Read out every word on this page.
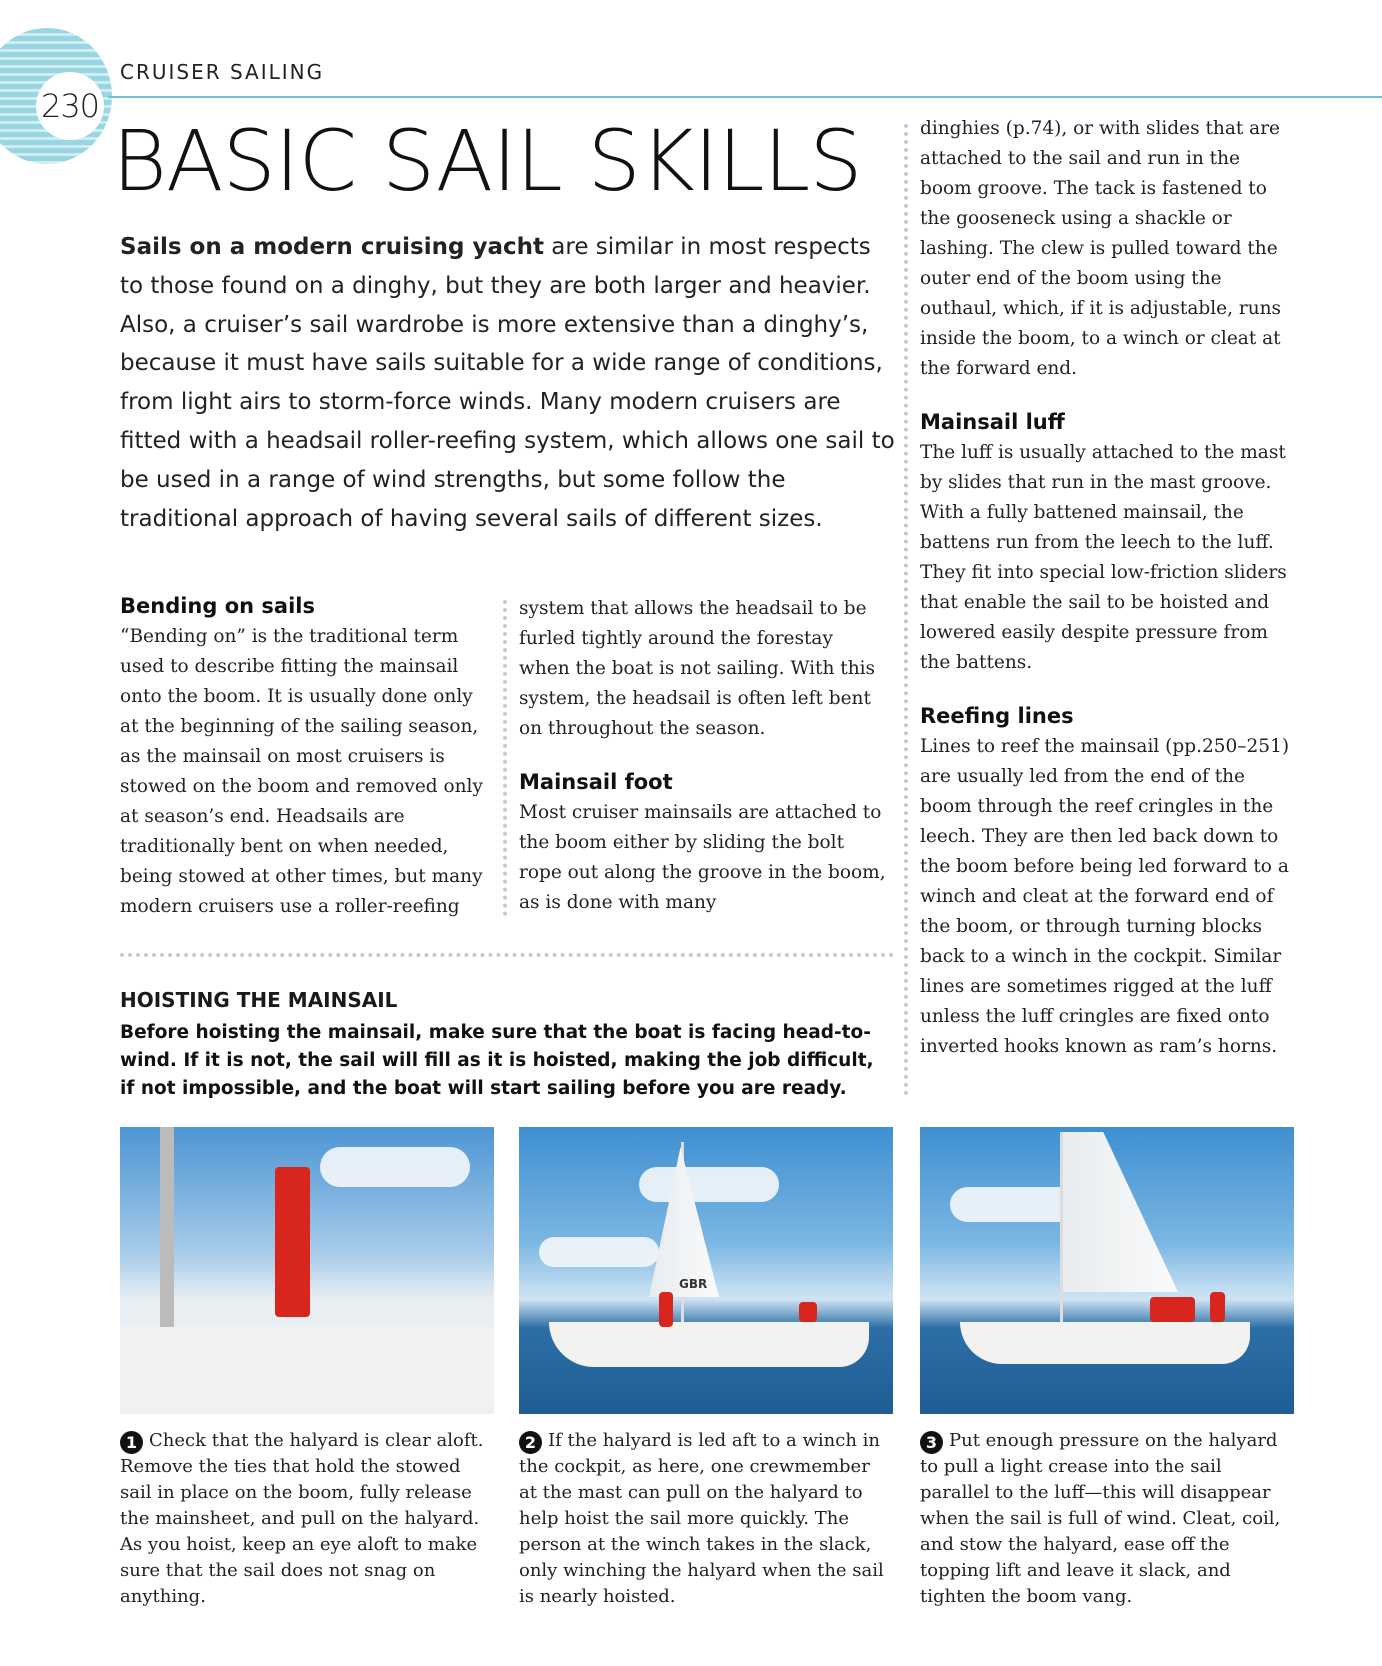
230
CRUISER SAILING
BASIC SAIL SKILLS

Sails on a modern cruising yacht are similar in most respects to those found on a dinghy, but they are both larger and heavier. Also, a cruiser’s sail wardrobe is more extensive than a dinghy’s, because it must have sails suitable for a wide range of conditions, from light airs to storm-force winds. Many modern cruisers are fitted with a headsail roller-reefing system, which allows one sail to be used in a range of wind strengths, but some follow the traditional approach of having several sails of different sizes.

Bending on sails

“Bending on” is the traditional term used to describe fitting the mainsail onto the boom. It is usually done only at the beginning of the sailing season, as the mainsail on most cruisers is stowed on the boom and removed only at season’s end. Headsails are traditionally bent on when needed, being stowed at other times, but many modern cruisers use a roller-reefing

system that allows the headsail to be furled tightly around the forestay when the boat is not sailing. With this system, the headsail is often left bent on throughout the season.

Mainsail foot

Most cruiser mainsails are attached to the boom either by sliding the bolt rope out along the groove in the boom, as is done with many

dinghies (p.74), or with slides that are attached to the sail and run in the boom groove. The tack is fastened to the gooseneck using a shackle or lashing. The clew is pulled toward the outer end of the boom using the outhaul, which, if it is adjustable, runs inside the boom, to a winch or cleat at the forward end.

Mainsail luff

The luff is usually attached to the mast by slides that run in the mast groove. With a fully battened mainsail, the battens run from the leech to the luff. They fit into special low-friction sliders that enable the sail to be hoisted and lowered easily despite pressure from the battens.

Reefing lines

Lines to reef the mainsail (pp.250–251) are usually led from the end of the boom through the reef cringles in the leech. They are then led back down to the boom before being led forward to a winch and cleat at the forward end of the boom, or through turning blocks back to a winch in the cockpit. Similar lines are sometimes rigged at the luff unless the luff cringles are fixed onto inverted hooks known as ram’s horns.

HOISTING THE MAINSAIL

Before hoisting the mainsail, make sure that the boat is facing head-to-wind. If it is not, the sail will fill as it is hoisted, making the job difficult, if not impossible, and the boat will start sailing before you are ready.

GBR

1 Check that the halyard is clear aloft. Remove the ties that hold the stowed sail in place on the boom, fully release the mainsheet, and pull on the halyard. As you hoist, keep an eye aloft to make sure that the sail does not snag on anything.

2 If the halyard is led aft to a winch in the cockpit, as here, one crewmember at the mast can pull on the halyard to help hoist the sail more quickly. The person at the winch takes in the slack, only winching the halyard when the sail is nearly hoisted.

3 Put enough pressure on the halyard to pull a light crease into the sail parallel to the luff—this will disappear when the sail is full of wind. Cleat, coil, and stow the halyard, ease off the topping lift and leave it slack, and tighten the boom vang.
